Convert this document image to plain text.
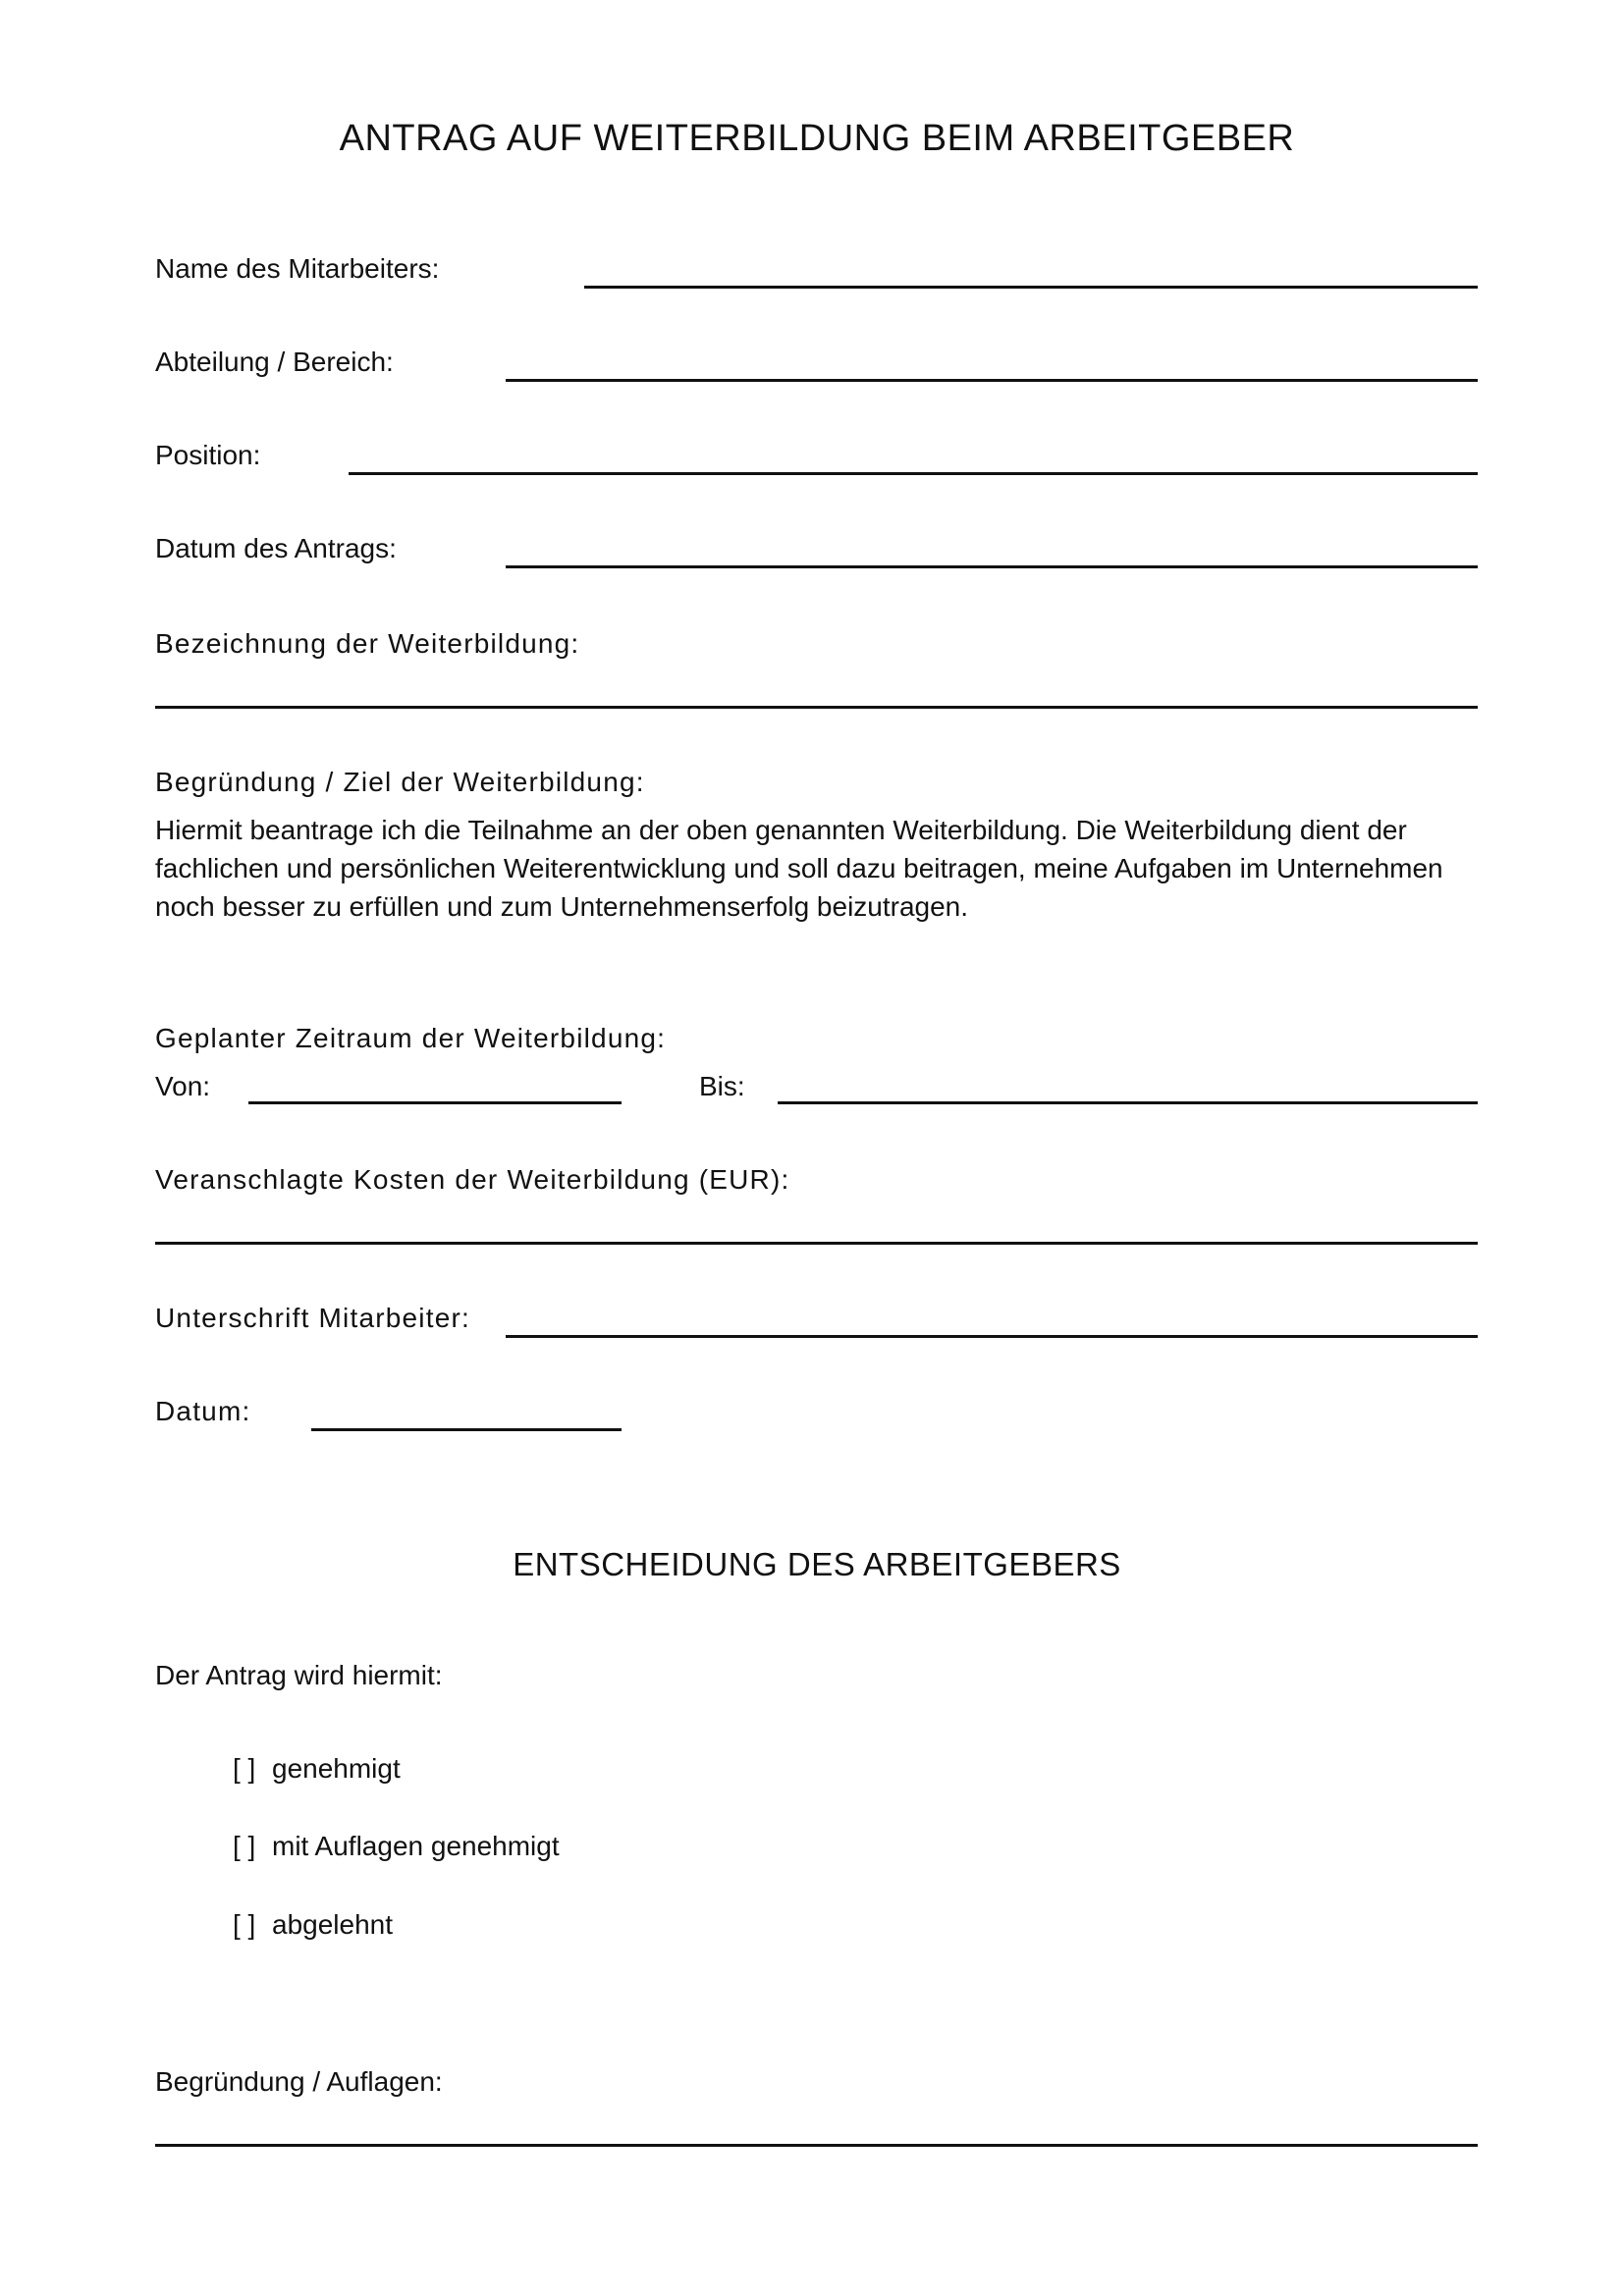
ANTRAG AUF WEITERBILDUNG BEIM ARBEITGEBER
Name des Mitarbeiters:
Abteilung / Bereich:
Position:
Datum des Antrags:
Bezeichnung der Weiterbildung:
Begründung / Ziel der Weiterbildung:
Hiermit beantrage ich die Teilnahme an der oben genannten Weiterbildung. Die Weiterbildung dient der fachlichen und persönlichen Weiterentwicklung und soll dazu beitragen, meine Aufgaben im Unternehmen noch besser zu erfüllen und zum Unternehmenserfolg beizutragen.
Geplanter Zeitraum der Weiterbildung:
Von:	Bis:
Veranschlagte Kosten der Weiterbildung (EUR):
Unterschrift Mitarbeiter:
Datum:
ENTSCHEIDUNG DES ARBEITGEBERS
Der Antrag wird hiermit:
[ ] genehmigt
[ ] mit Auflagen genehmigt
[ ] abgelehnt
Begründung / Auflagen:
